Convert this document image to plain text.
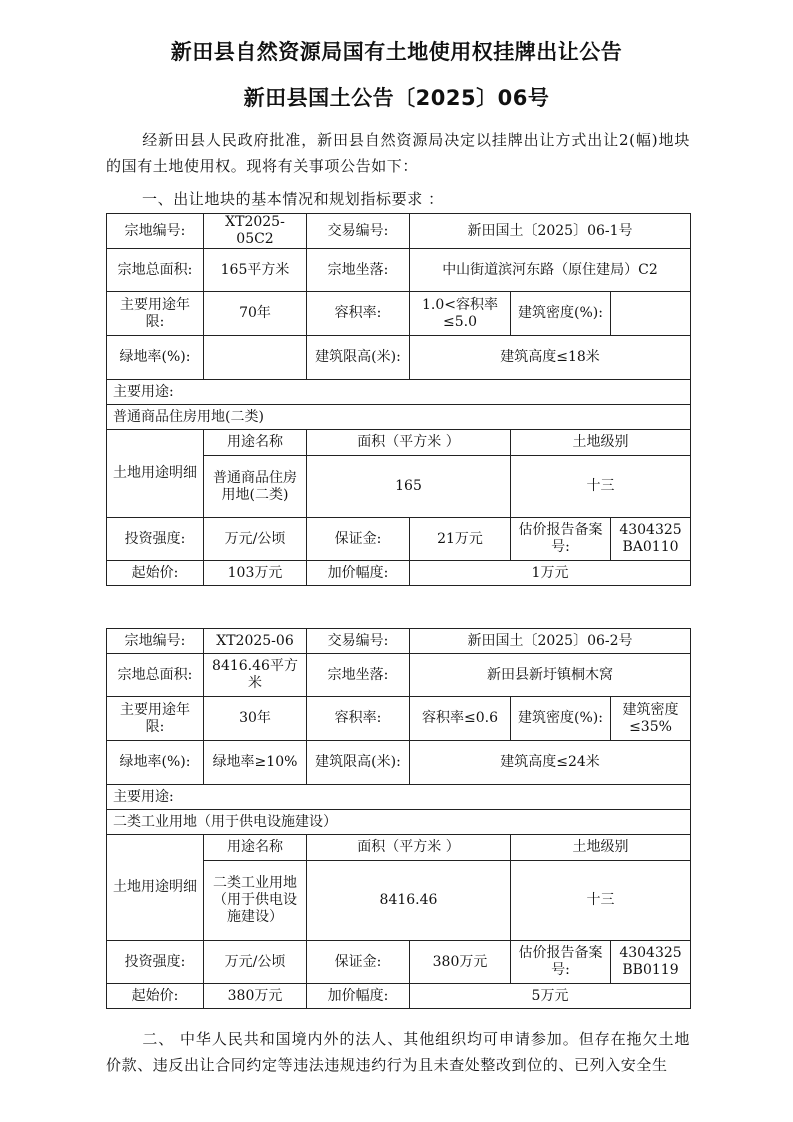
新田县自然资源局国有土地使用权挂牌出让公告
新田县国土公告〔2025〕06号
经新田县人民政府批准，新田县自然资源局决定以挂牌出让方式出让2(幅)地块的国有土地使用权。现将有关事项公告如下：
一、出让地块的基本情况和规划指标要求 ：
宗地编号:	XT2025-05C2	交易编号:	新田国土〔2025〕06-1号		
宗地总面积:	165平方米	宗地坐落:	中山街道滨河东路（原住建局）C2		
主要用途年限:	70年	容积率:	1.0<容积率≤5.0	建筑密度(%):	
绿地率(%):		建筑限高(米):	建筑高度≤18米		
主要用途:					
普通商品住房用地(二类)					
土地用途明细	用途名称	面积（平方米 ）		土地级别	
	普通商品住房用地(二类)	165		十三	
投资强度:	万元/公顷	保证金:	21万元	估价报告备案号:	4304325BA0110
起始价:	103万元	加价幅度:	1万元		
宗地编号:	XT2025-06	交易编号:	新田国土〔2025〕06-2号		
宗地总面积:	8416.46平方米	宗地坐落:	新田县新圩镇桐木窝		
主要用途年限:	30年	容积率:	容积率≤0.6	建筑密度(%):	建筑密度≤35%
绿地率(%):	绿地率≥10%	建筑限高(米):	建筑高度≤24米		
主要用途:					
二类工业用地（用于供电设施建设）					
土地用途明细	用途名称	面积（平方米 ）		土地级别	
	二类工业用地（用于供电设施建设）	8416.46		十三	
投资强度:	万元/公顷	保证金:	380万元	估价报告备案号:	4304325BB0119
起始价:	380万元	加价幅度:	5万元		
二、 中华人民共和国境内外的法人、其他组织均可申请参加。但存在拖欠土地价款、违反出让合同约定等违法违规违约行为且未查处整改到位的、已列入安全生
